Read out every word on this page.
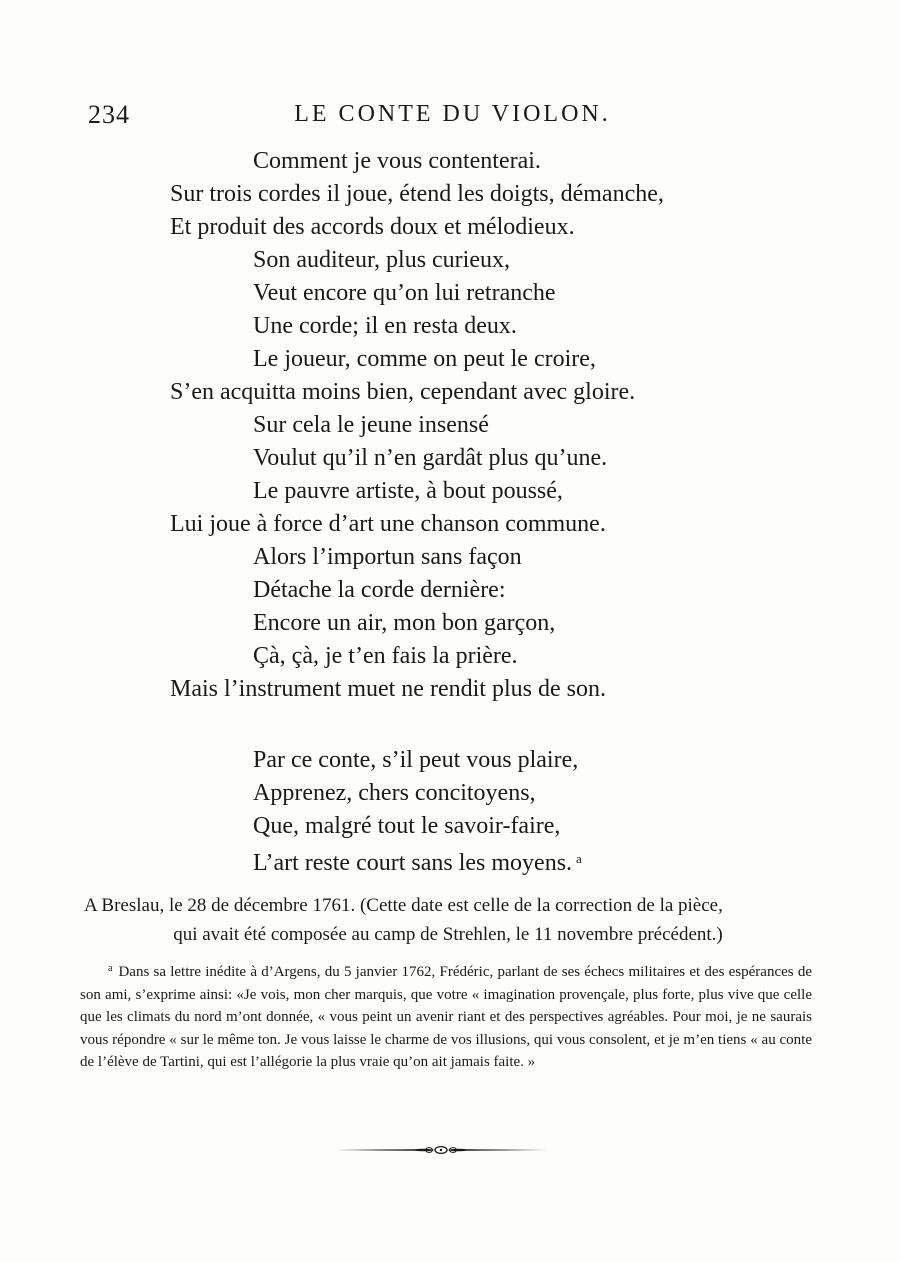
234	LE CONTE DU VIOLON.
Comment je vous contenterai.
Sur trois cordes il joue, étend les doigts, démanche,
Et produit des accords doux et mélodieux.
Son auditeur, plus curieux,
Veut encore qu’on lui retranche
Une corde; il en resta deux.
Le joueur, comme on peut le croire,
S’en acquitta moins bien, cependant avec gloire.
Sur cela le jeune insensé
Voulut qu’il n’en gardât plus qu’une.
Le pauvre artiste, à bout poussé,
Lui joue à force d’art une chanson commune.
Alors l’importun sans façon
Détache la corde dernière:
Encore un air, mon bon garçon,
Çà, çà, je t’en fais la prière.
Mais l’instrument muet ne rendit plus de son.
Par ce conte, s’il peut vous plaire,
Apprenez, chers concitoyens,
Que, malgré tout le savoir-faire,
L’art reste court sans les moyens. $^a$
A Breslau, le 28 de décembre 1761. (Cette date est celle de la correction de la pièce,
qui avait été composée au camp de Strehlen, le 11 novembre précédent.)

$^a$ Dans sa lettre inédite à d’Argens, du 5 janvier 1762, Frédéric, parlant de ses échecs militaires et des espérances de son ami, s’exprime ainsi: «Je vois, mon cher marquis, que votre « imagination provençale, plus forte, plus vive que celle que les climats du nord m’ont donnée, « vous peint un avenir riant et des perspectives agréables. Pour moi, je ne saurais vous répondre « sur le même ton. Je vous laisse le charme de vos illusions, qui vous consolent, et je m’en tiens « au conte de l’élève de Tartini, qui est l’allégorie la plus vraie qu’on ait jamais faite. »
